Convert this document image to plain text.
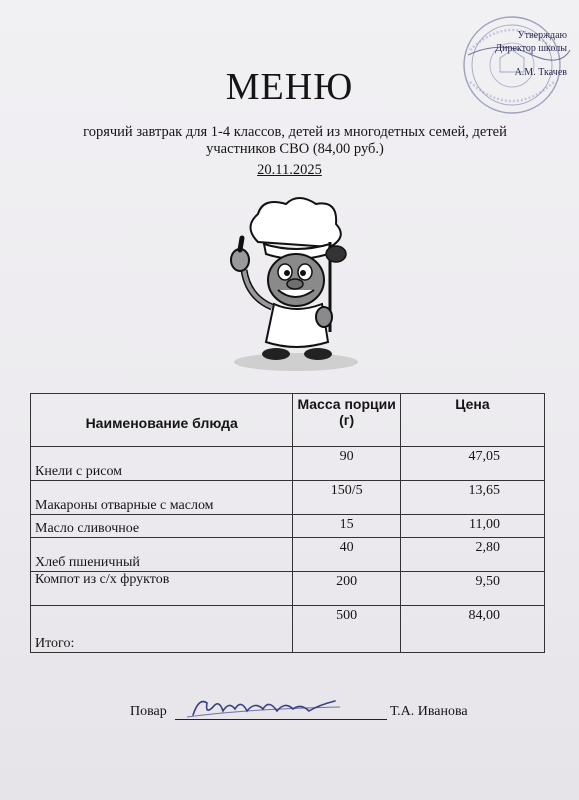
Утверждаю
Директор школы
А.М. Ткачев
МЕНЮ
горячий завтрак для 1-4 классов, детей из многодетных семей, детей участников СВО (84,00 руб.)
20.11.2025
Наименование блюда	Масса порции (г)	Цена
Кнели с рисом	90	47,05
Макароны отварные с маслом	150/5	13,65
Масло сливочное	15	11,00
Хлеб пшеничный	40	2,80
Компот из с/х фруктов	200	9,50
Итого:	500	84,00
Повар	Т.А. Иванова
